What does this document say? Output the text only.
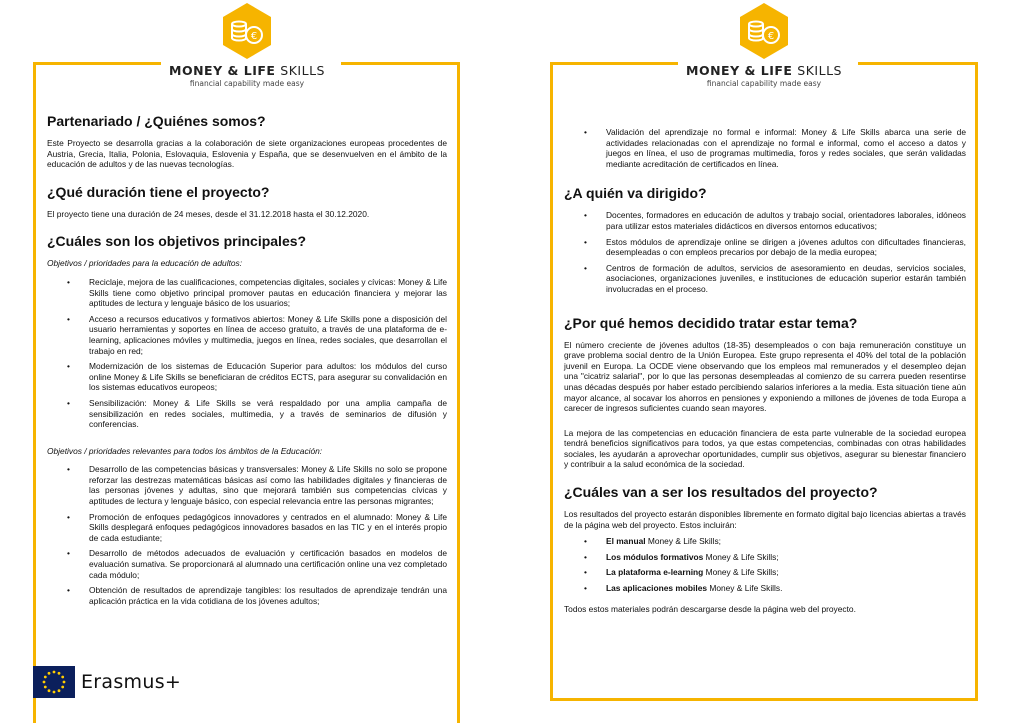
€
MONEY & LIFE SKILLS
financial capability made easy
Partenariado / ¿Quiénes somos?

Este Proyecto se desarrolla gracias a la colaboración de siete organizaciones europeas procedentes de Austria, Grecia, Italia, Polonia, Eslovaquia, Eslovenia y España, que se desenvuelven en el ámbito de la educación de adultos y de las nuevas tecnologías.

¿Qué duración tiene el proyecto?

El proyecto tiene una duración de 24 meses, desde el 31.12.2018 hasta el 30.12.2020.

¿Cuáles son los objetivos principales?

Objetivos / prioridades para la educación de adultos:

• Reciclaje, mejora de las cualificaciones, competencias digitales, sociales y cívicas: Money & Life Skills tiene como objetivo principal promover pautas en educación financiera y mejorar las aptitudes de lectura y lenguaje básico de los usuarios;
• Acceso a recursos educativos y formativos abiertos: Money & Life Skills pone a disposición del usuario herramientas y soportes en línea de acceso gratuito, a través de una plataforma de e-learning, aplicaciones móviles y multimedia, juegos en línea, redes sociales, que desarrollan el trabajo en red;
• Modernización de los sistemas de Educación Superior para adultos: los módulos del curso online Money & Life Skills se beneficiaran de créditos ECTS, para asegurar su convalidación en los sistemas educativos europeos;
• Sensibilización: Money & Life Skills se verá respaldado por una amplia campaña de sensibilización en redes sociales, multimedia, y a través de seminarios de difusión y conferencias.

Objetivos / prioridades relevantes para todos los ámbitos de la Educación:

• Desarrollo de las competencias básicas y transversales: Money & Life Skills no solo se propone reforzar las destrezas matemáticas básicas así como las habilidades digitales y financieras de las personas jóvenes y adultas, sino que mejorará también sus competencias cívicas y aptitudes de lectura y lenguaje básico, con especial relevancia entre las personas migrantes;
• Promoción de enfoques pedagógicos innovadores y centrados en el alumnado: Money & Life Skills desplegará enfoques pedagógicos innovadores basados en las TIC y en el interés propio de cada estudiante;
• Desarrollo de métodos adecuados de evaluación y certificación basados en modelos de evaluación sumativa. Se proporcionará al alumnado una certificación online una vez completado cada módulo;
• Obtención de resultados de aprendizaje tangibles: los resultados de aprendizaje tendrán una aplicación práctica en la vida cotidiana de los jóvenes adultos;
Erasmus+
€
MONEY & LIFE SKILLS
financial capability made easy
• Validación del aprendizaje no formal e informal: Money & Life Skills abarca una serie de actividades relacionadas con el aprendizaje no formal e informal, como el acceso a datos y juegos en línea, el uso de programas multimedia, foros y redes sociales, que serán validadas mediante acreditación de certificados en línea.
¿A quién va dirigido?
• Docentes, formadores en educación de adultos y trabajo social, orientadores laborales, idóneos para utilizar estos materiales didácticos en diversos entornos educativos;
• Estos módulos de aprendizaje online se dirigen a jóvenes adultos con dificultades financieras, desempleadas o con empleos precarios por debajo de la media europea;
• Centros de formación de adultos, servicios de asesoramiento en deudas, servicios sociales, asociaciones, organizaciones juveniles, e instituciones de educación superior estarán también involucradas en el proceso.
¿Por qué hemos decidido tratar estar tema?

El número creciente de jóvenes adultos (18-35) desempleados o con baja remuneración constituye un grave problema social dentro de la Unión Europea. Este grupo representa el 40% del total de la población juvenil en Europa. La OCDE viene observando que los empleos mal remunerados y el desempleo dejan una "cicatriz salarial", por lo que las personas desempleadas al comienzo de su carrera pueden resentirse unas décadas después por haber estado percibiendo salarios inferiores a la media. Esta situación tiene aún mayor alcance, al socavar los ahorros en pensiones y exponiendo a millones de jóvenes de toda Europa a carecer de ingresos suficientes cuando sean mayores.

La mejora de las competencias en educación financiera de esta parte vulnerable de la sociedad europea tendrá beneficios significativos para todos, ya que estas competencias, combinadas con otras habilidades sociales, les ayudarán a aprovechar oportunidades, cumplir sus objetivos, asegurar su bienestar financiero y contribuir a la salud económica de la sociedad.

¿Cuáles van a ser los resultados del proyecto?

Los resultados del proyecto estarán disponibles libremente en formato digital bajo licencias abiertas a través de la página web del proyecto. Estos incluirán:

• El manual Money & Life Skills;
• Los módulos formativos Money & Life Skills;
• La plataforma e-learning Money & Life Skills;
• Las aplicaciones mobiles Money & Life Skills.

Todos estos materiales podrán descargarse desde la página web del proyecto.
